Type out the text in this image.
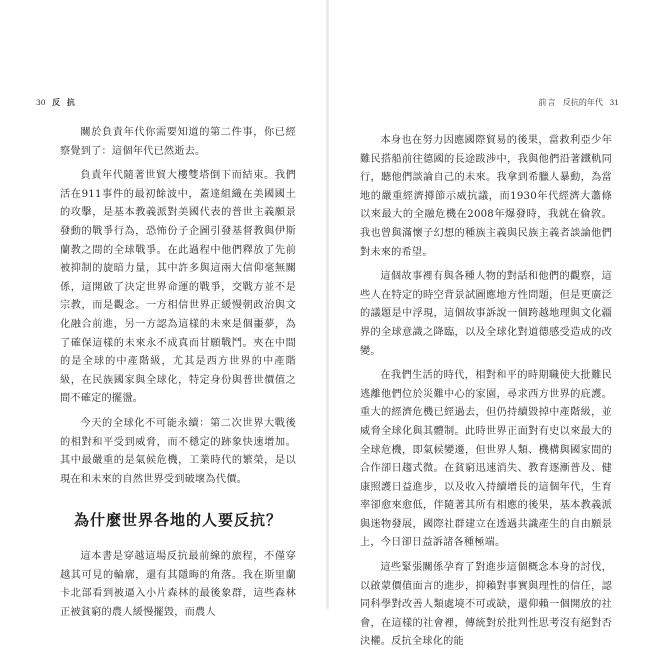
30 反 抗

關於負責年代你需要知道的第二件事，你已經察覺到了：這個年代已然逝去。

負責年代隨著世貿大樓雙塔倒下而結束。我們活在911事件的最初餘波中，蓋達組織在美國國土的攻擊，是基本教義派對美國代表的普世主義願景發動的戰爭行為，恐怖份子企圖引發基督教與伊斯蘭教之間的全球戰爭。在此過程中他們釋放了先前被抑制的旋暗力量，其中許多與這兩大信仰毫無關係，這開啟了決定世界命運的戰爭，交戰方並不是宗教，而是觀念。一方相信世界正緩慢朝政治與文化融合前進，另一方認為這樣的未來是個噩夢，為了確保這樣的未來永不成真而甘願戰鬥。夾在中間的是全球的中產階級，尤其是西方世界的中產階級，在民族國家與全球化，特定身份與普世價值之間不確定的擺盪。

今天的全球化不可能永續：第二次世界大戰後的相對和平受到威脅，而不穩定的跡象快速增加。其中最嚴重的是氣候危機，工業時代的繁榮，是以現在和未來的自然世界受到破壞為代價。

為什麼世界各地的人要反抗？

這本書是穿越這場反抗最前線的旅程，不僅穿越其可見的輪廓，還有其隱晦的角落。我在斯里蘭卡北部看到被逼入小片森林的最後象群，這些森林正被貧窮的農人緩慢擺毀，而農人

前言 反抗的年代 31

本身也在努力因應國際貿易的後果，當救利亞少年難民搭船前往德國的長途跋涉中，我與他們沿著鐵軌同行，聽他們談論自己的未來。我拿到希臘人暴動，為當地的嚴重經濟撙節示威抗議，而1930年代經濟大蕭條以來最大的全融危機在2008年爆發時，我就在倫敦。我也曾與滿懷子幻想的種族主義與民族主義者談論他們對未來的希望。

這個故事裡有與各種人物的對話和他們的觀察，這些人在特定的時空背景試圖應地方性問題，但是更廣泛的議題是中浮現，這個故事訴說一個跨越地理與文化疆界的全球意識之降臨，以及全球化對道德感受造成的改變。

在我們生活的時代，相對和平的時期職使大批難民逃離他們位於災難中心的家園，尋求西方世界的庇護。重大的經濟危機已經過去，但仍持續毀掉中產階級，並威脅全球化與其體制。此時世界正面對有史以來最大的全球危機，即氣候變遷，但世界人類、機構與國家間的合作卻日趨式微。在貧窮迅速消失、教育逐漸普及、健康照護日益進步，以及收入持續增長的這個年代，生育率卻愈來愈低，伴隨著其所有相應的後果，基本教義派與迷物發展，國際社群建立在透過共識產生的自由願景上，今日卻日益訴諸各種極端。

這些緊張關係孕育了對進步這個概念本身的討伐，以啟蒙價值面言的進步，抑賴對事實與理性的信任，認同科學對改善人類處境不可或缺，還仰賴一個開放的社會，在這樣的社會裡，傳統對於批判性思考沒有絕對否決權。反抗全球化的能
